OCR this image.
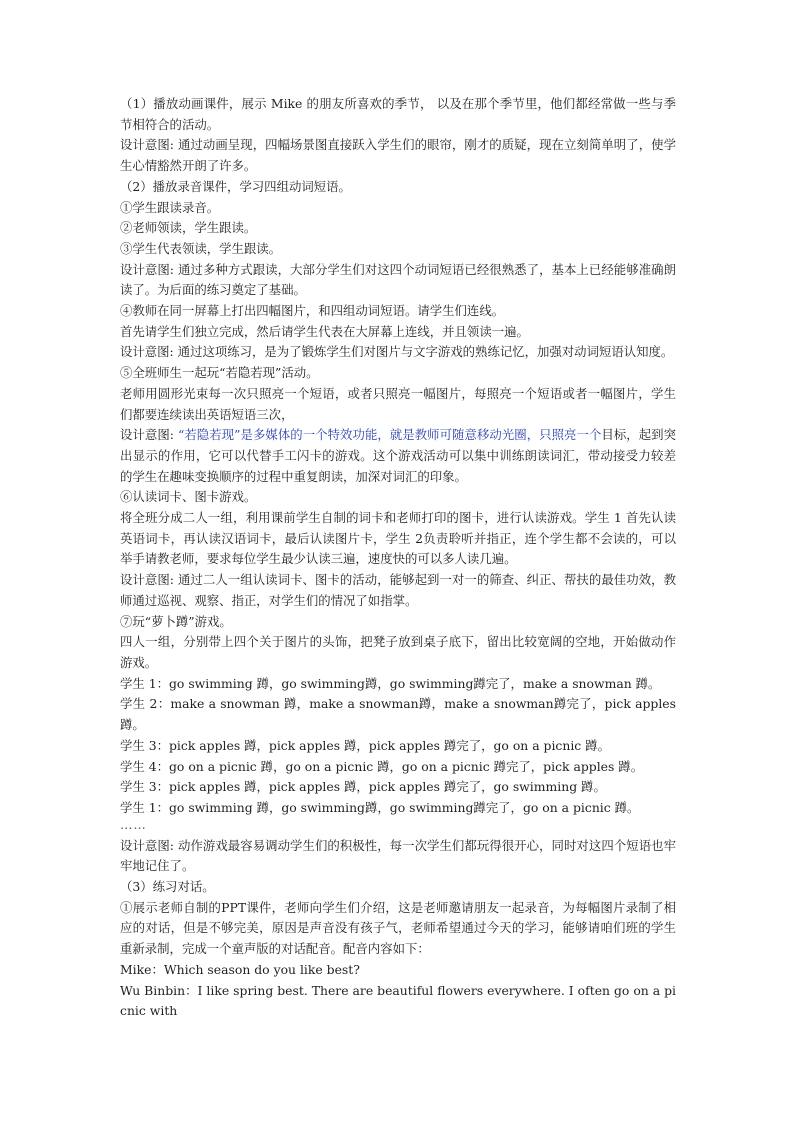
（1）播放动画课件，展示 Mike 的朋友所喜欢的季节， 以及在那个季节里，他们都经常做一些与季节相符合的活动。

设计意图: 通过动画呈现，四幅场景图直接跃入学生们的眼帘，刚才的质疑，现在立刻简单明了，使学生心情豁然开朗了许多。

（2）播放录音课件，学习四组动词短语。

①学生跟读录音。

②老师领读，学生跟读。

③学生代表领读，学生跟读。

设计意图: 通过多种方式跟读，大部分学生们对这四个动词短语已经很熟悉了，基本上已经能够准确朗读了。为后面的练习奠定了基础。

④教师在同一屏幕上打出四幅图片，和四组动词短语。请学生们连线。

首先请学生们独立完成，然后请学生代表在大屏幕上连线，并且领读一遍。

设计意图: 通过这项练习，是为了锻炼学生们对图片与文字游戏的熟练记忆，加强对动词短语认知度。

⑤全班师生一起玩“若隐若现”活动。

老师用圆形光束每一次只照亮一个短语，或者只照亮一幅图片，每照亮一个短语或者一幅图片，学生们都要连续读出英语短语三次，

设计意图: “若隐若现”是多媒体的一个特效功能，就是教师可随意移动光圈，只照亮一个目标，起到突出显示的作用，它可以代替手工闪卡的游戏。这个游戏活动可以集中训练朗读词汇，带动接受力较差的学生在趣味变换顺序的过程中重复朗读，加深对词汇的印象。

⑥认读词卡、图卡游戏。

将全班分成二人一组，利用课前学生自制的词卡和老师打印的图卡，进行认读游戏。学生 1 首先认读英语词卡，再认读汉语词卡，最后认读图片卡，学生 2负责聆听并指正，连个学生都不会读的，可以举手请教老师，要求每位学生最少认读三遍，速度快的可以多人读几遍。

设计意图: 通过二人一组认读词卡、图卡的活动，能够起到一对一的筛查、纠正、帮扶的最佳功效，教师通过巡视、观察、指正，对学生们的情况了如指掌。

⑦玩“萝卜蹲”游戏。

四人一组，分别带上四个关于图片的头饰，把凳子放到桌子底下，留出比较宽阔的空地，开始做动作游戏。

学生 1：go swimming 蹲，go swimming蹲，go swimming蹲完了，make a snowman 蹲。

学生 2：make a snowman 蹲，make a snowman蹲，make a snowman蹲完了，pick apples 蹲。

学生 3：pick apples 蹲，pick apples 蹲，pick apples 蹲完了，go on a picnic 蹲。

学生 4：go on a picnic 蹲，go on a picnic 蹲，go on a picnic 蹲完了，pick apples 蹲。

学生 3：pick apples 蹲，pick apples 蹲，pick apples 蹲完了，go swimming 蹲。

学生 1：go swimming 蹲，go swimming蹲，go swimming蹲完了，go on a picnic 蹲。

……

设计意图: 动作游戏最容易调动学生们的积极性，每一次学生们都玩得很开心，同时对这四个短语也牢牢地记住了。

（3）练习对话。

①展示老师自制的PPT课件，老师向学生们介绍，这是老师邀请朋友一起录音，为每幅图片录制了相应的对话，但是不够完美，原因是声音没有孩子气，老师希望通过今天的学习，能够请咱们班的学生重新录制，完成一个童声版的对话配音。配音内容如下：

Mike：Which season do you like best?

Wu Binbin：I like spring best. There are beautiful flowers everywhere. I often go on a picnic with
